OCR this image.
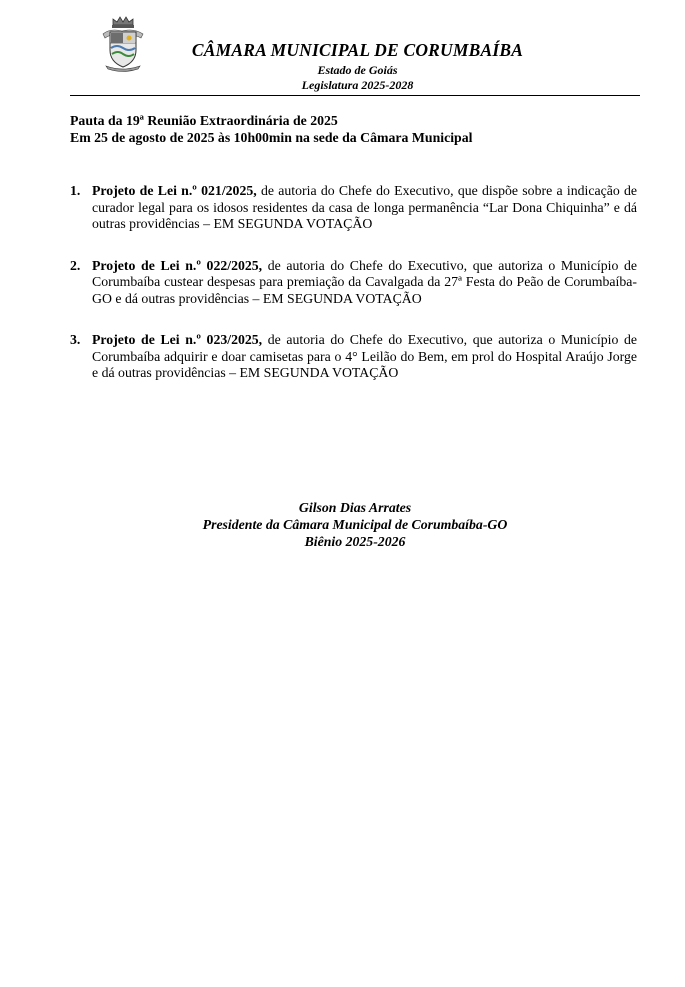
CÂMARA MUNICIPAL DE CORUMBAÍBA
Estado de Goiás
Legislatura 2025-2028
Pauta da 19ª Reunião Extraordinária de 2025
Em 25 de agosto de 2025 às 10h00min na sede da Câmara Municipal
1. Projeto de Lei n.º 021/2025, de autoria do Chefe do Executivo, que dispõe sobre a indicação de curador legal para os idosos residentes da casa de longa permanência “Lar Dona Chiquinha” e dá outras providências – EM SEGUNDA VOTAÇÃO
2. Projeto de Lei n.º 022/2025, de autoria do Chefe do Executivo, que autoriza o Município de Corumbaíba custear despesas para premiação da Cavalgada da 27ª Festa do Peão de Corumbaíba-GO e dá outras providências – EM SEGUNDA VOTAÇÃO
3. Projeto de Lei n.º 023/2025, de autoria do Chefe do Executivo, que autoriza o Município de Corumbaíba adquirir e doar camisetas para o 4° Leilão do Bem, em prol do Hospital Araújo Jorge e dá outras providências – EM SEGUNDA VOTAÇÃO
Gilson Dias Arrates
Presidente da Câmara Municipal de Corumbaíba-GO
Biênio 2025-2026
